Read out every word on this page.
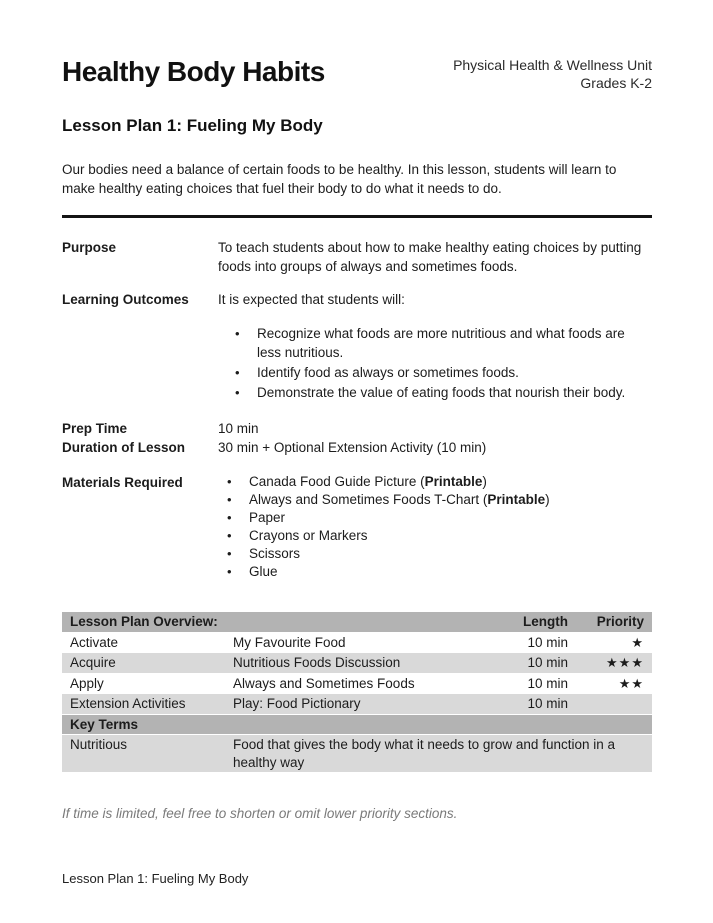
Healthy Body Habits	Physical Health & Wellness Unit
Grades K-2
Lesson Plan 1: Fueling My Body

Our bodies need a balance of certain foods to be healthy. In this lesson, students will learn to make healthy eating choices that fuel their body to do what it needs to do.

Purpose	To teach students about how to make healthy eating choices by putting foods into groups of always and sometimes foods.
Learning Outcomes	It is expected that students will:
•	Recognize what foods are more nutritious and what foods are less nutritious.
•	Identify food as always or sometimes foods.
•	Demonstrate the value of eating foods that nourish their body.
Prep Time	10 min
Duration of Lesson	30 min + Optional Extension Activity (10 min)
Materials Required	•	Canada Food Guide Picture (Printable)
•	Always and Sometimes Foods T-Chart (Printable)
•	Paper
•	Crayons or Markers
•	Scissors
•	Glue
Lesson Plan Overview:		Length	Priority
Activate	My Favourite Food	10 min	★
Acquire	Nutritious Foods Discussion	10 min	★★★
Apply	Always and Sometimes Foods	10 min	★★
Extension Activities	Play: Food Pictionary	10 min	
Key Terms			
Nutritious	Food that gives the body what it needs to grow and function in a healthy way		

If time is limited, feel free to shorten or omit lower priority sections.

Lesson Plan 1: Fueling My Body
